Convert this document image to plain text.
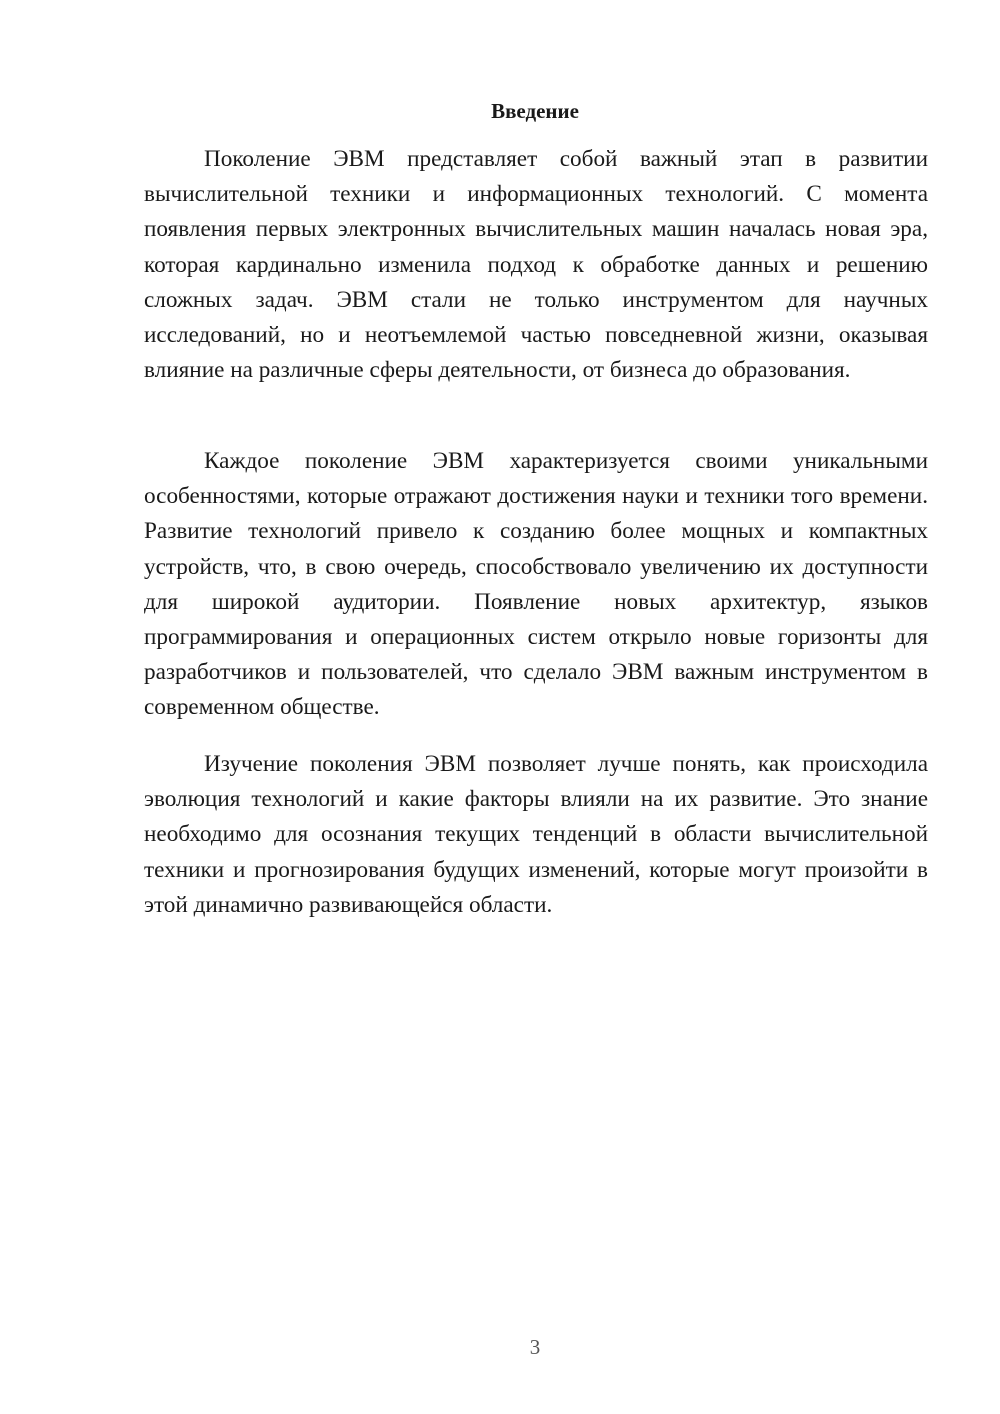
Введение

Поколение ЭВМ представляет собой важный этап в развитии вычислительной техники и информационных технологий. С момента появления первых электронных вычислительных машин началась новая эра, которая кардинально изменила подход к обработке данных и решению сложных задач. ЭВМ стали не только инструментом для научных исследований, но и неотъемлемой частью повседневной жизни, оказывая влияние на различные сферы деятельности, от бизнеса до образования.

Каждое поколение ЭВМ характеризуется своими уникальными особенностями, которые отражают достижения науки и техники того времени. Развитие технологий привело к созданию более мощных и компактных устройств, что, в свою очередь, способствовало увеличению их доступности для широкой аудитории. Появление новых архитектур, языков программирования и операционных систем открыло новые горизонты для разработчиков и пользователей, что сделало ЭВМ важным инструментом в современном обществе.

Изучение поколения ЭВМ позволяет лучше понять, как происходила эволюция технологий и какие факторы влияли на их развитие. Это знание необходимо для осознания текущих тенденций в области вычислительной техники и прогнозирования будущих изменений, которые могут произойти в этой динамично развивающейся области.

3
